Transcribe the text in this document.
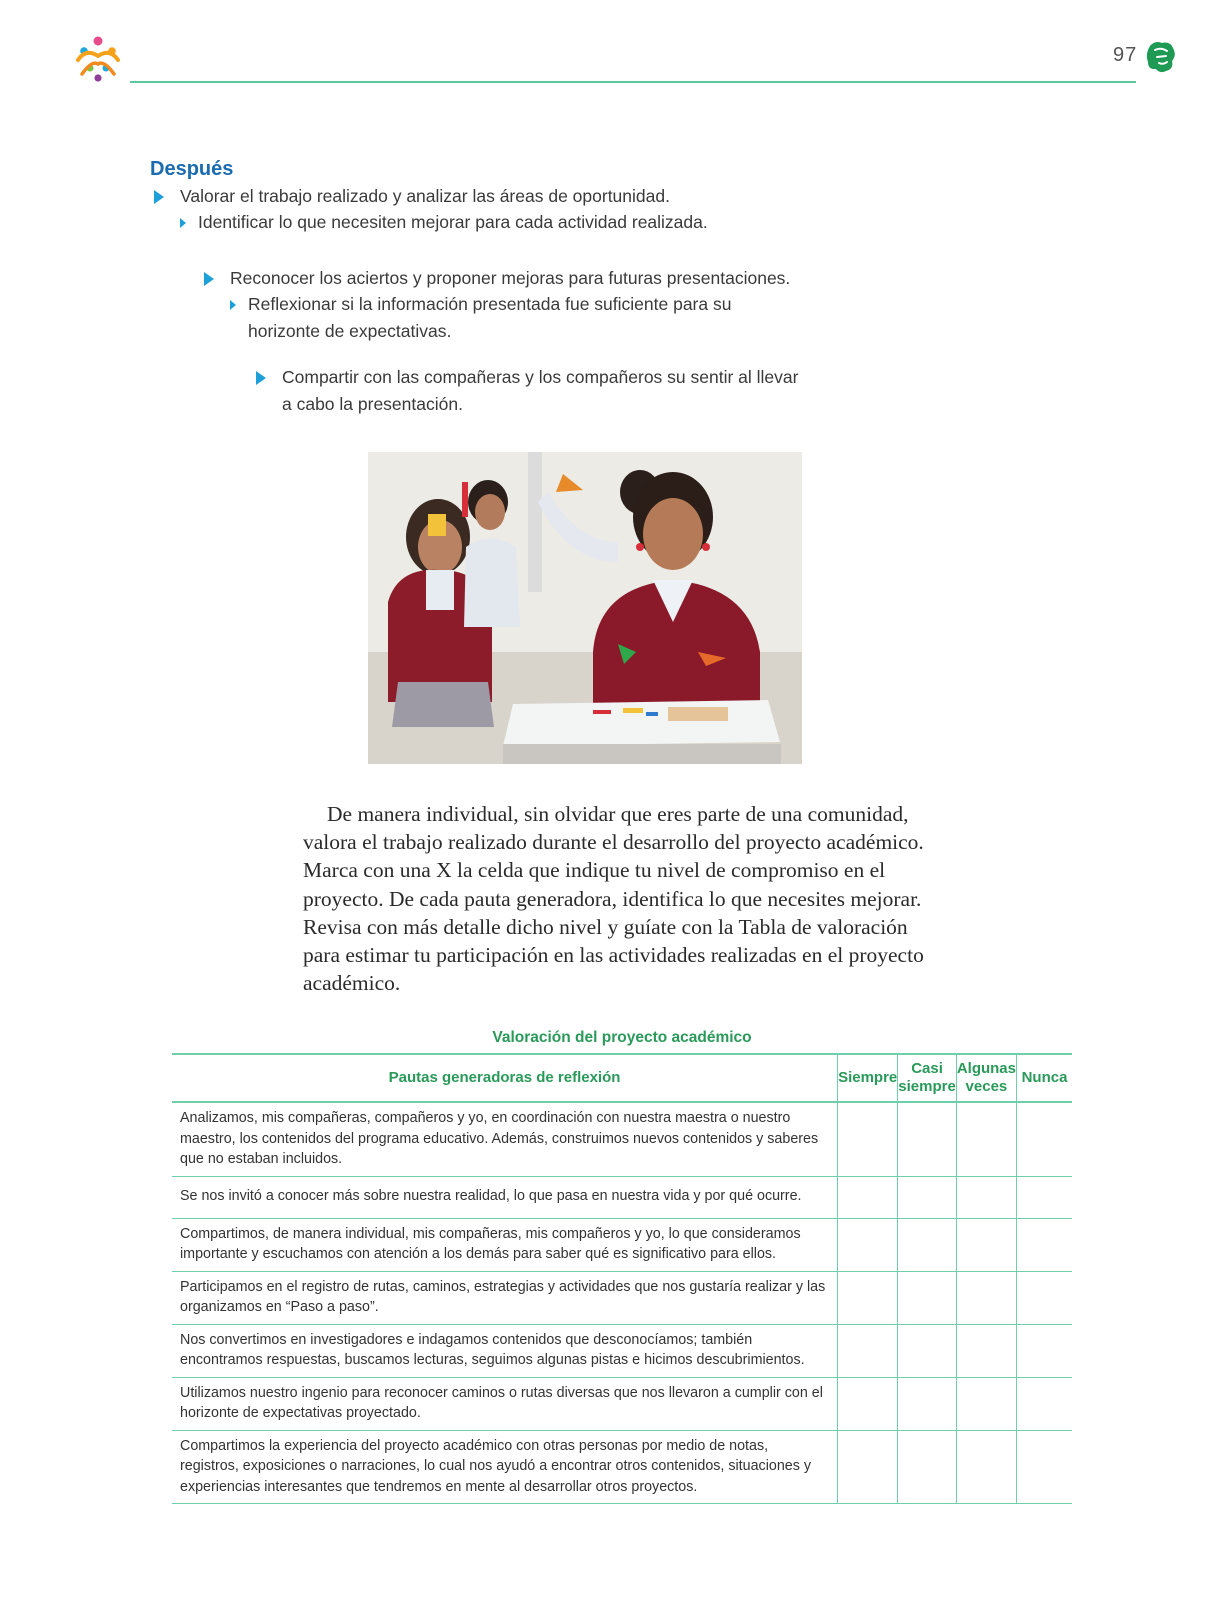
97
Después
Valorar el trabajo realizado y analizar las áreas de oportunidad.
Identificar lo que necesiten mejorar para cada actividad realizada.
Reconocer los aciertos y proponer mejoras para futuras presentaciones.
Reflexionar si la información presentada fue suficiente para su horizonte de expectativas.
Compartir con las compañeras y los compañeros su sentir al llevar a cabo la presentación.
De manera individual, sin olvidar que eres parte de una comunidad, valora el trabajo realizado durante el desarrollo del proyecto académico. Marca con una X la celda que indique tu nivel de compromiso en el proyecto. De cada pauta generadora, identifica lo que necesites mejorar. Revisa con más detalle dicho nivel y guíate con la Tabla de valoración para estimar tu participación en las actividades realizadas en el proyecto académico.
Valoración del proyecto académico
Pautas generadoras de reflexión	Siempre	Casi siempre	Algunas veces	Nunca
Analizamos, mis compañeras, compañeros y yo, en coordinación con nuestra maestra o nuestro maestro, los contenidos del programa educativo. Además, construimos nuevos contenidos y saberes que no estaban incluidos.				
Se nos invitó a conocer más sobre nuestra realidad, lo que pasa en nuestra vida y por qué ocurre.				
Compartimos, de manera individual, mis compañeras, mis compañeros y yo, lo que consideramos importante y escuchamos con atención a los demás para saber qué es significativo para ellos.				
Participamos en el registro de rutas, caminos, estrategias y actividades que nos gustaría realizar y las organizamos en “Paso a paso”.				
Nos convertimos en investigadores e indagamos contenidos que desconocíamos; también encontramos respuestas, buscamos lecturas, seguimos algunas pistas e hicimos descubrimientos.				
Utilizamos nuestro ingenio para reconocer caminos o rutas diversas que nos llevaron a cumplir con el horizonte de expectativas proyectado.				
Compartimos la experiencia del proyecto académico con otras personas por medio de notas, registros, exposiciones o narraciones, lo cual nos ayudó a encontrar otros contenidos, situaciones y experiencias interesantes que tendremos en mente al desarrollar otros proyectos.				
